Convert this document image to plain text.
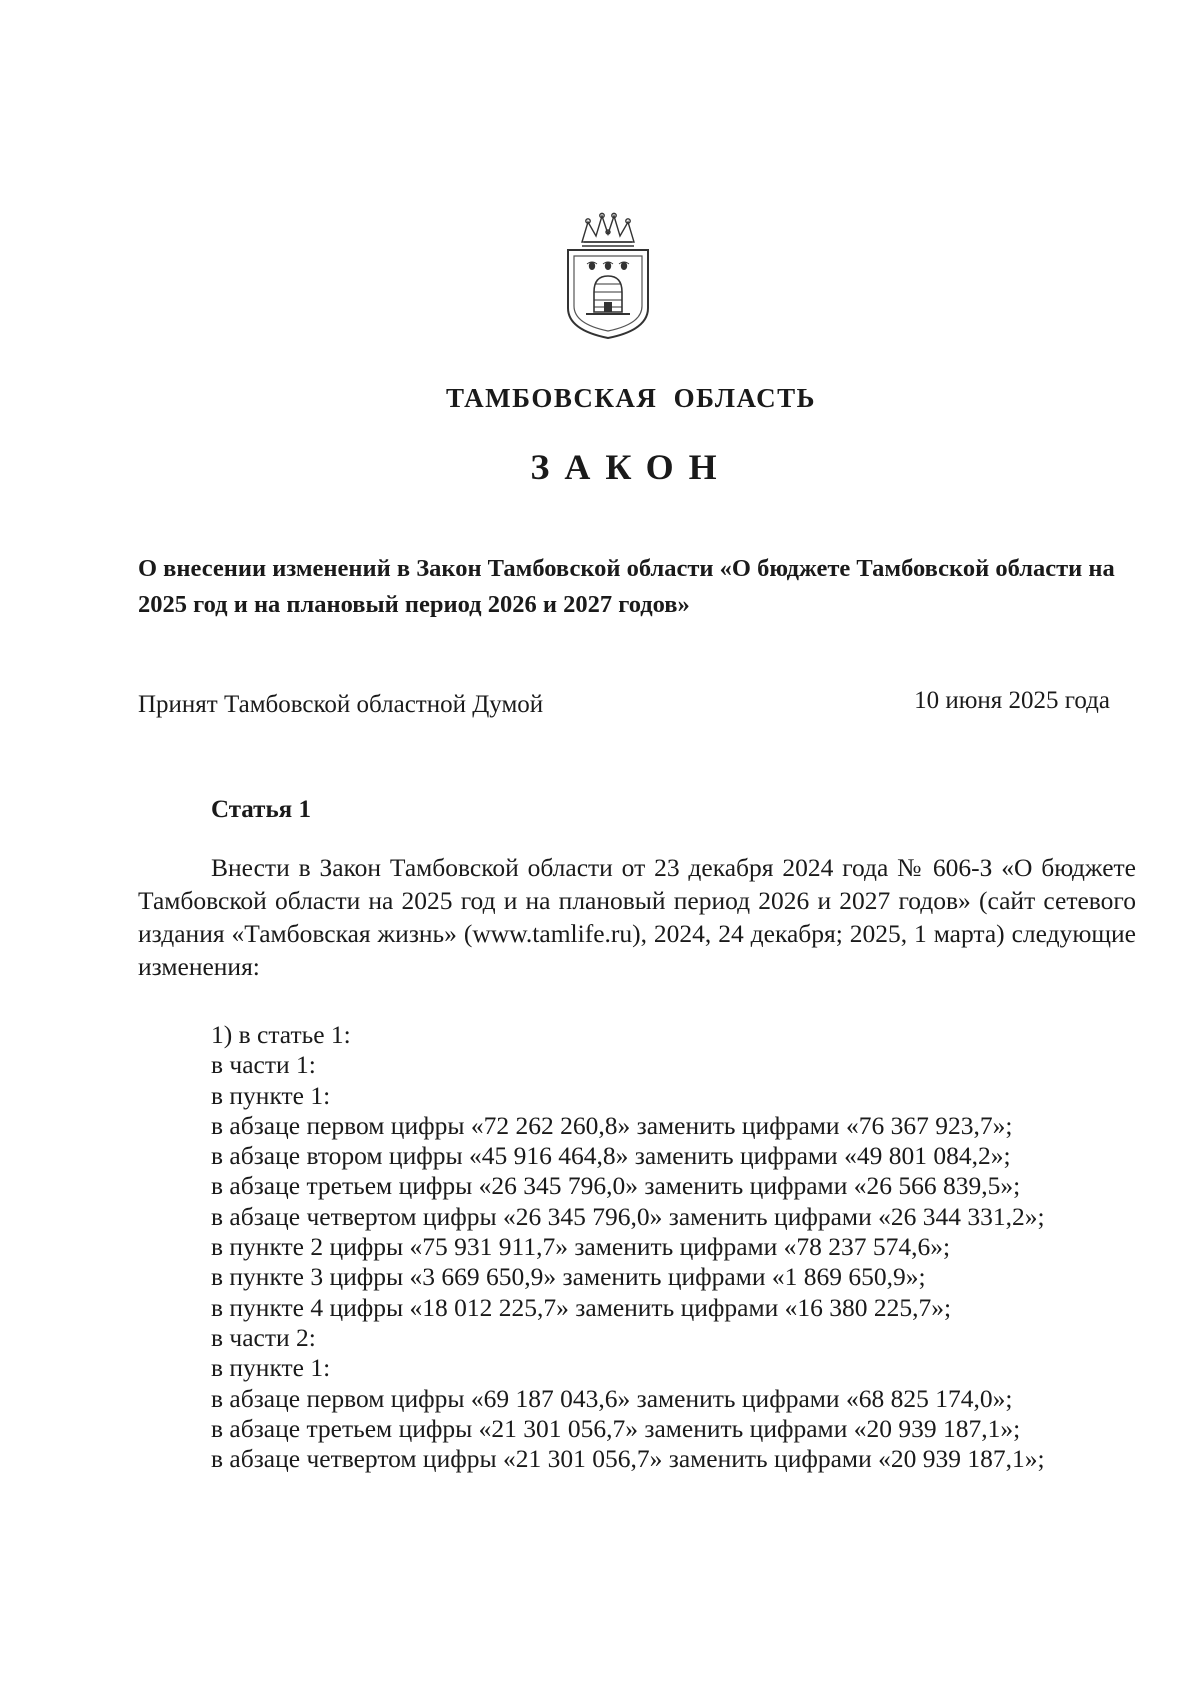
ТАМБОВСКАЯ ОБЛАСТЬ
ЗАКОН
О внесении изменений в Закон Тамбовской области «О бюджете Тамбовской области на 2025 год и на плановый период 2026 и 2027 годов»
Принят Тамбовской областной Думой	10 июня 2025 года
Статья 1
Внести в Закон Тамбовской области от 23 декабря 2024 года № 606-З «О бюджете Тамбовской области на 2025 год и на плановый период 2026 и 2027 годов» (сайт сетевого издания «Тамбовская жизнь» (www.tamlife.ru), 2024, 24 декабря; 2025, 1 марта) следующие изменения:

1) в статье 1:

в части 1:

в пункте 1:

в абзаце первом цифры «72 262 260,8» заменить цифрами «76 367 923,7»;

в абзаце втором цифры «45 916 464,8» заменить цифрами «49 801 084,2»;

в абзаце третьем цифры «26 345 796,0» заменить цифрами «26 566 839,5»;

в абзаце четвертом цифры «26 345 796,0» заменить цифрами «26 344 331,2»;

в пункте 2 цифры «75 931 911,7» заменить цифрами «78 237 574,6»;

в пункте 3 цифры «3 669 650,9» заменить цифрами «1 869 650,9»;

в пункте 4 цифры «18 012 225,7» заменить цифрами «16 380 225,7»;

в части 2:

в пункте 1:

в абзаце первом цифры «69 187 043,6» заменить цифрами «68 825 174,0»;

в абзаце третьем цифры «21 301 056,7» заменить цифрами «20 939 187,1»;

в абзаце четвертом цифры «21 301 056,7» заменить цифрами «20 939 187,1»;
